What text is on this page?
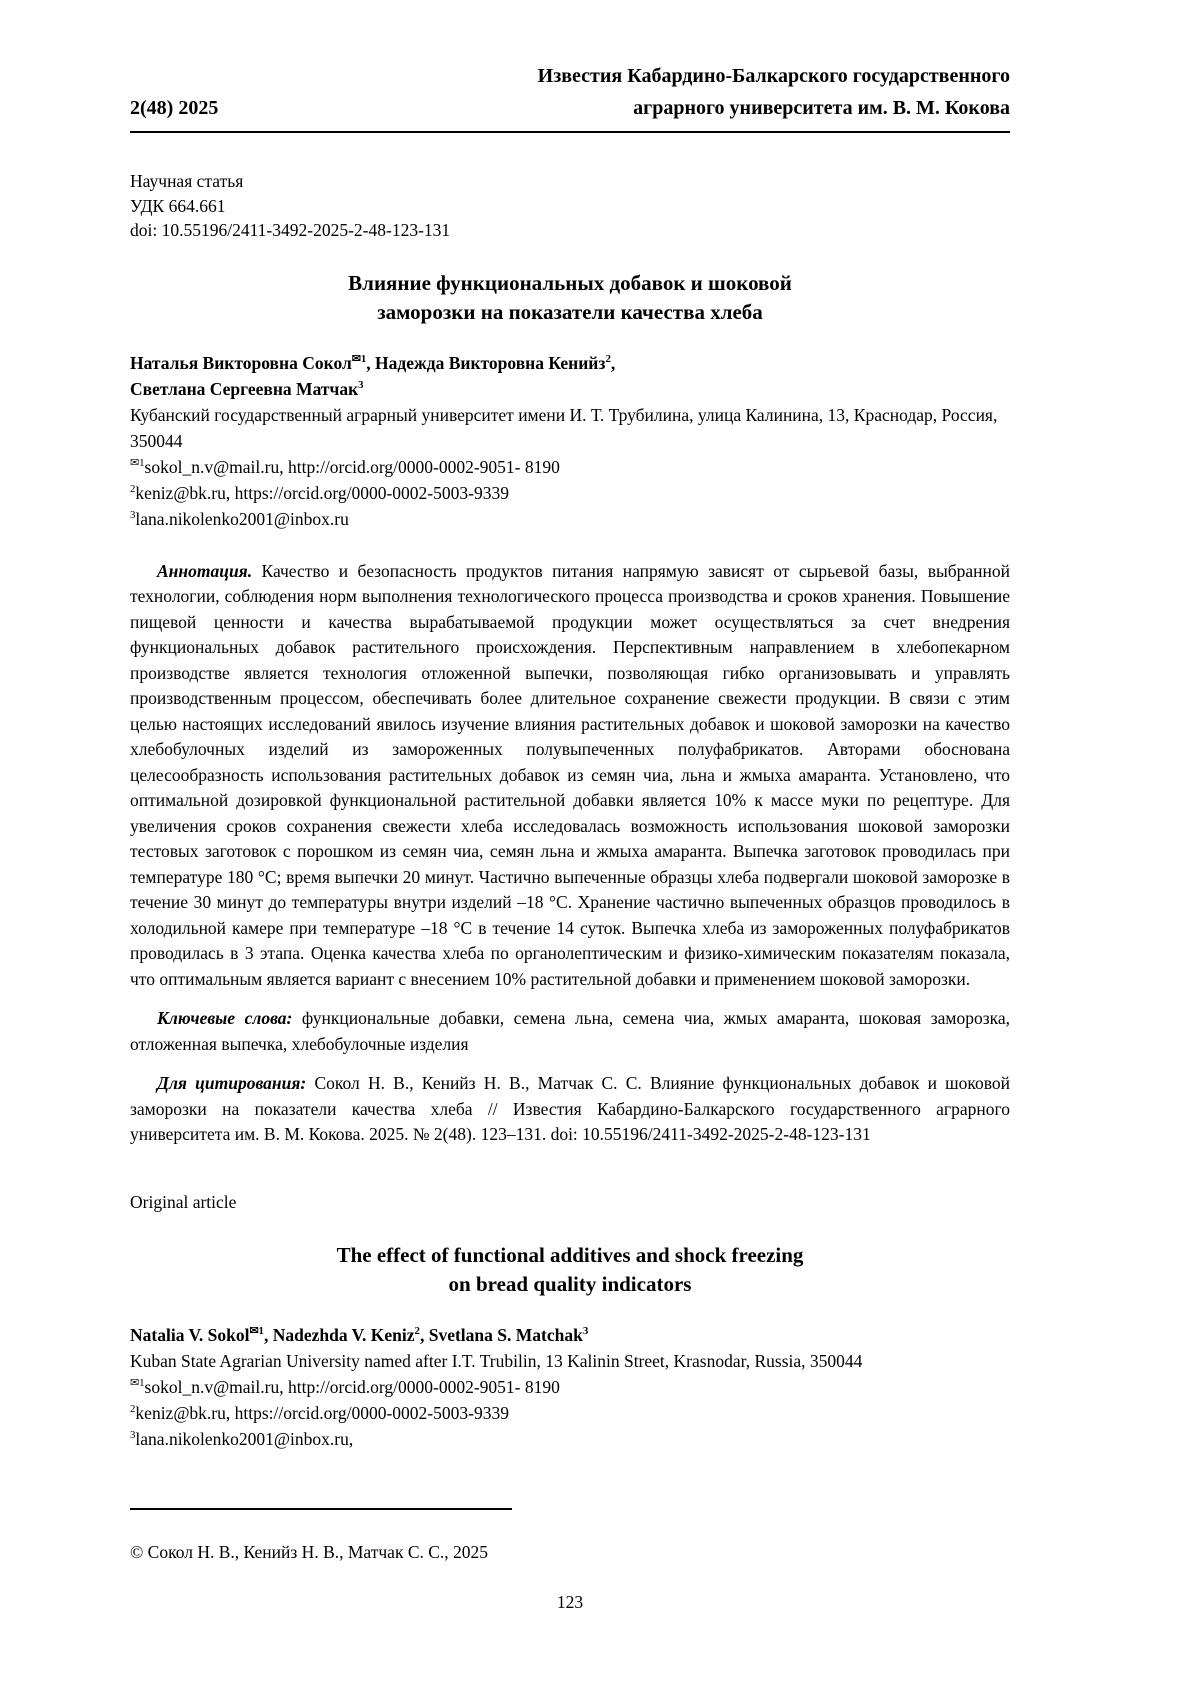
2(48) 2025
Известия Кабардино-Балкарского государственного
аграрного университета им. В. М. Кокова
Научная статья
УДК 664.661
doi: 10.55196/2411-3492-2025-2-48-123-131
Влияние функциональных добавок и шоковой
заморозки на показатели качества хлеба
Наталья Викторовна Сокол$^{✉1}$, Надежда Викторовна Кенийз$^2$,
Светлана Сергеевна Матчак$^3$
Кубанский государственный аграрный университет имени И. Т. Трубилина, улица Калинина, 13, Краснодар, Россия, 350044
$^{✉1}$sokol_n.v@mail.ru, http://orcid.org/0000-0002-9051- 8190
$^2$keniz@bk.ru, https://orcid.org/0000-0002-5003-9339
$^3$lana.nikolenko2001@inbox.ru

Аннотация. Качество и безопасность продуктов питания напрямую зависят от сырьевой базы, выбранной технологии, соблюдения норм выполнения технологического процесса производства и сроков хранения. Повышение пищевой ценности и качества вырабатываемой продукции может осуществляться за счет внедрения функциональных добавок растительного происхождения. Перспективным направлением в хлебопекарном производстве является технология отложенной выпечки, позволяющая гибко организовывать и управлять производственным процессом, обеспечивать более длительное сохранение свежести продукции. В связи с этим целью настоящих исследований явилось изучение влияния растительных добавок и шоковой заморозки на качество хлебобулочных изделий из замороженных полувыпеченных полуфабрикатов. Авторами обоснована целесообразность использования растительных добавок из семян чиа, льна и жмыха амаранта. Установлено, что оптимальной дозировкой функциональной растительной добавки является 10% к массе муки по рецептуре. Для увеличения сроков сохранения свежести хлеба исследовалась возможность использования шоковой заморозки тестовых заготовок с порошком из семян чиа, семян льна и жмыха амаранта. Выпечка заготовок проводилась при температуре 180 °С; время выпечки 20 минут. Частично выпеченные образцы хлеба подвергали шоковой заморозке в течение 30 минут до температуры внутри изделий –18 °С. Хранение частично выпеченных образцов проводилось в холодильной камере при температуре –18 °С в течение 14 суток. Выпечка хлеба из замороженных полуфабрикатов проводилась в 3 этапа. Оценка качества хлеба по органолептическим и физико-химическим показателям показала, что оптимальным является вариант с внесением 10% растительной добавки и применением шоковой заморозки.

Ключевые слова: функциональные добавки, семена льна, семена чиа, жмых амаранта, шоковая заморозка, отложенная выпечка, хлебобулочные изделия

Для цитирования: Сокол Н. В., Кенийз Н. В., Матчак С. С. Влияние функциональных добавок и шоковой заморозки на показатели качества хлеба // Известия Кабардино-Балкарского государственного аграрного университета им. В. М. Кокова. 2025. № 2(48). 123–131. doi: 10.55196/2411-3492-2025-2-48-123-131

Original article
The effect of functional additives and shock freezing
on bread quality indicators
Natalia V. Sokol$^{✉1}$, Nadezhda V. Keniz$^2$, Svetlana S. Matchak$^3$
Kuban State Agrarian University named after I.T. Trubilin, 13 Kalinin Street, Krasnodar, Russia, 350044
$^{✉1}$sokol_n.v@mail.ru, http://orcid.org/0000-0002-9051- 8190
$^2$keniz@bk.ru, https://orcid.org/0000-0002-5003-9339
$^3$lana.nikolenko2001@inbox.ru,
© Сокол Н. В., Кенийз Н. В., Матчак С. С., 2025
123
